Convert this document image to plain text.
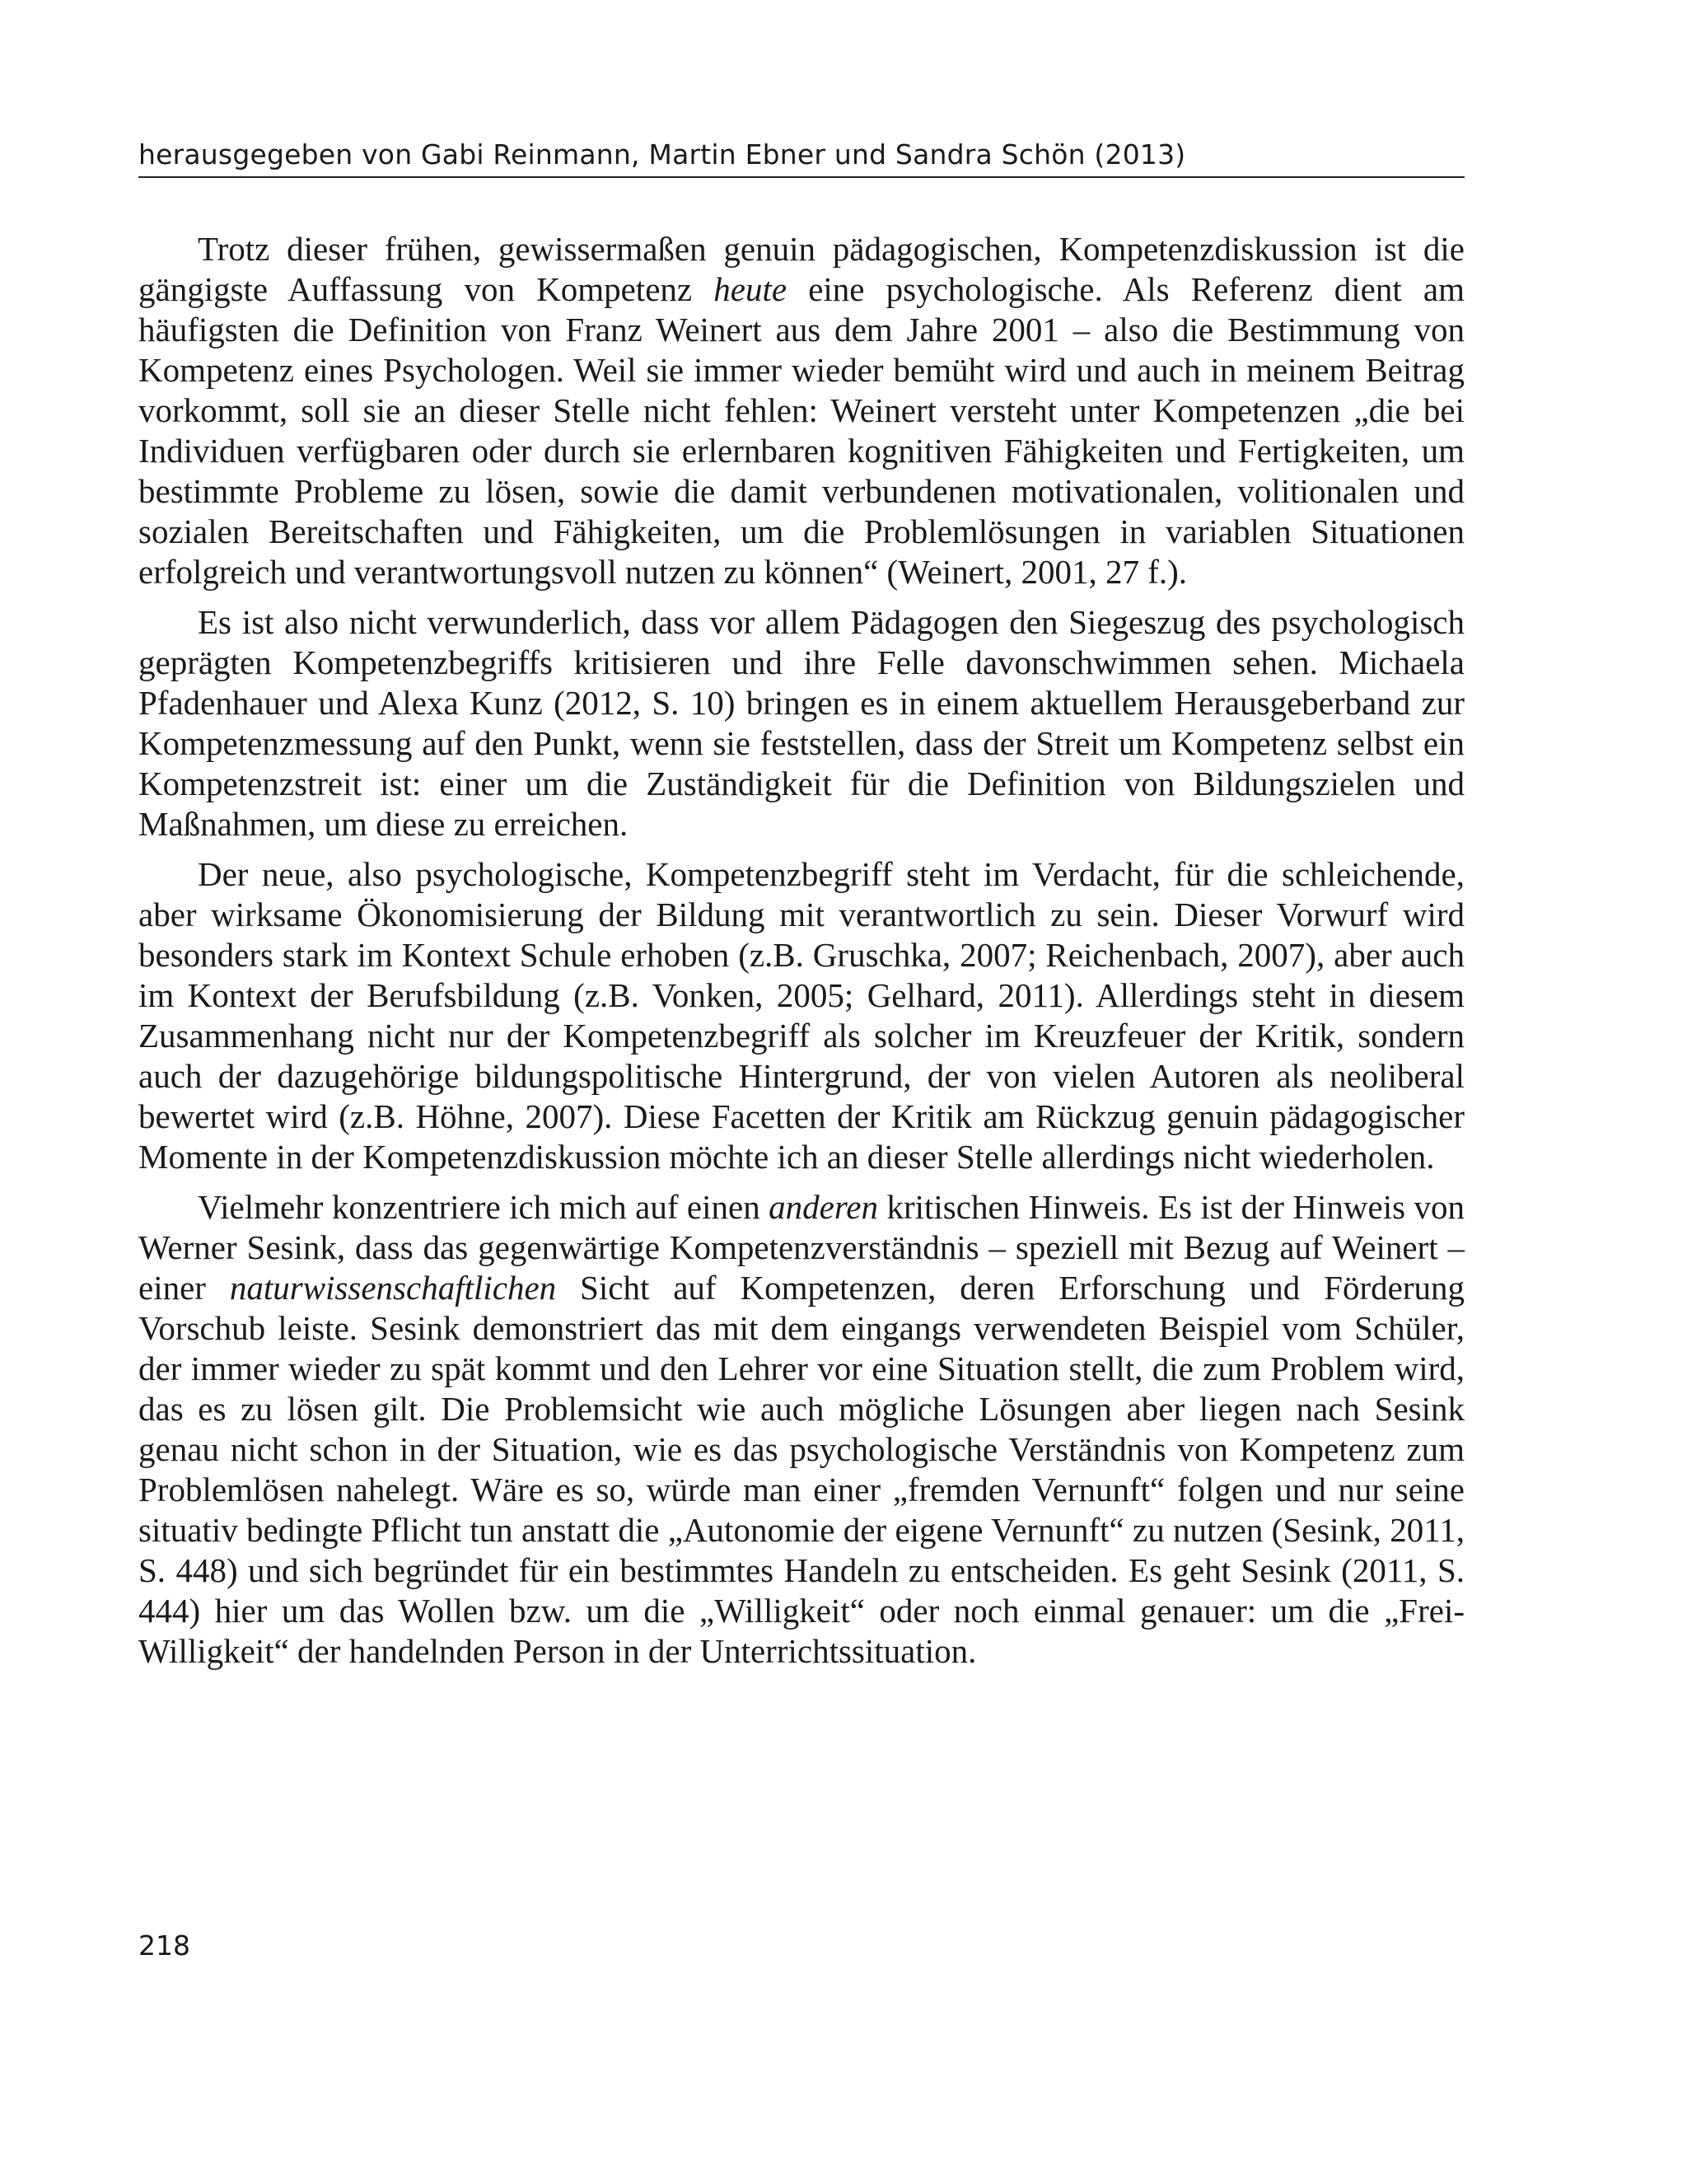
herausgegeben von Gabi Reinmann, Martin Ebner und Sandra Schön (2013)

Trotz dieser frühen, gewissermaßen genuin pädagogischen, Kompetenzdiskussion ist die gängigste Auffassung von Kompetenz heute eine psychologische. Als Referenz dient am häufigsten die Definition von Franz Weinert aus dem Jahre 2001 – also die Bestimmung von Kompetenz eines Psychologen. Weil sie immer wieder bemüht wird und auch in meinem Beitrag vorkommt, soll sie an dieser Stelle nicht fehlen: Weinert versteht unter Kompetenzen „die bei Individuen verfügbaren oder durch sie erlernbaren kognitiven Fähigkeiten und Fertigkeiten, um bestimmte Probleme zu lösen, sowie die damit verbundenen motivationalen, volitionalen und sozialen Bereitschaften und Fähigkeiten, um die Problemlösungen in variablen Situationen erfolgreich und verantwortungsvoll nutzen zu können“ (Weinert, 2001, 27 f.).

Es ist also nicht verwunderlich, dass vor allem Pädagogen den Siegeszug des psychologisch geprägten Kompetenzbegriffs kritisieren und ihre Felle davonschwimmen sehen. Michaela Pfadenhauer und Alexa Kunz (2012, S. 10) bringen es in einem aktuellem Herausgeberband zur Kompetenzmessung auf den Punkt, wenn sie feststellen, dass der Streit um Kompetenz selbst ein Kompetenzstreit ist: einer um die Zuständigkeit für die Definition von Bildungszielen und Maßnahmen, um diese zu erreichen.

Der neue, also psychologische, Kompetenzbegriff steht im Verdacht, für die schleichende, aber wirksame Ökonomisierung der Bildung mit verantwortlich zu sein. Dieser Vorwurf wird besonders stark im Kontext Schule erhoben (z.B. Gruschka, 2007; Reichenbach, 2007), aber auch im Kontext der Berufsbildung (z.B. Vonken, 2005; Gelhard, 2011). Allerdings steht in diesem Zusammenhang nicht nur der Kompetenzbegriff als solcher im Kreuzfeuer der Kritik, sondern auch der dazugehörige bildungspolitische Hintergrund, der von vielen Autoren als neoliberal bewertet wird (z.B. Höhne, 2007). Diese Facetten der Kritik am Rückzug genuin pädagogischer Momente in der Kompetenzdiskussion möchte ich an dieser Stelle allerdings nicht wiederholen.

Vielmehr konzentriere ich mich auf einen anderen kritischen Hinweis. Es ist der Hinweis von Werner Sesink, dass das gegenwärtige Kompetenzverständnis – speziell mit Bezug auf Weinert – einer naturwissenschaftlichen Sicht auf Kompetenzen, deren Erforschung und Förderung Vorschub leiste. Sesink demonstriert das mit dem eingangs verwendeten Beispiel vom Schüler, der immer wieder zu spät kommt und den Lehrer vor eine Situation stellt, die zum Problem wird, das es zu lösen gilt. Die Problemsicht wie auch mögliche Lösungen aber liegen nach Sesink genau nicht schon in der Situation, wie es das psychologische Verständnis von Kompetenz zum Problemlösen nahelegt. Wäre es so, würde man einer „fremden Vernunft“ folgen und nur seine situativ bedingte Pflicht tun anstatt die „Autonomie der eigene Vernunft“ zu nutzen (Sesink, 2011, S. 448) und sich begründet für ein bestimmtes Handeln zu entscheiden. Es geht Sesink (2011, S. 444) hier um das Wollen bzw. um die „Willigkeit“ oder noch einmal genauer: um die „Frei-Willigkeit“ der handelnden Person in der Unterrichtssituation.

218
